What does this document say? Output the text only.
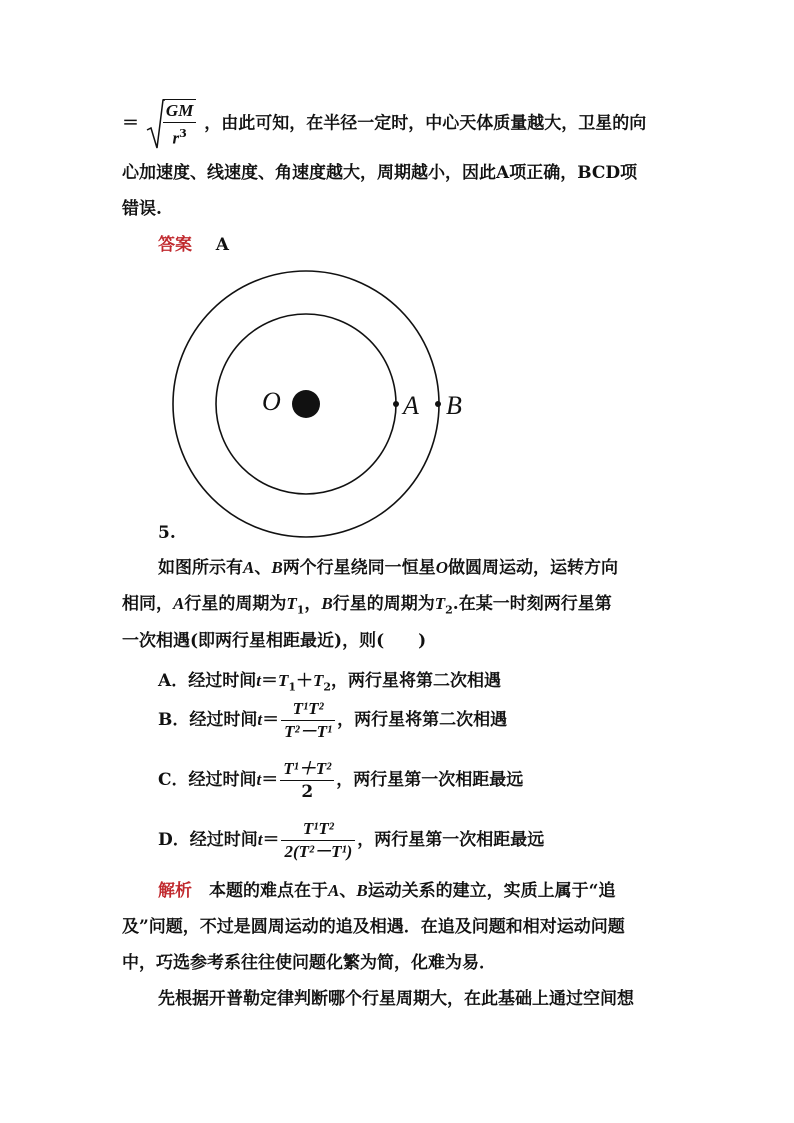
＝ $\frac{GM}{r^3}$ ，由此可知，在半径一定时，中心天体质量越大，卫星的向
心加速度、线速度、角速度越大，周期越小，因此A项正确，BCD项
错误.
答案 A
O	A B
5.
如图所示有A、B两个行星绕同一恒星O做圆周运动，运转方向
相同，A行星的周期为$T_1$，B行星的周期为$T_2$.在某一时刻两行星第
一次相遇(即两行星相距最近)，则(　　)
A．经过时间$t=T_1+T_2$，两行星将第二次相遇
B．经过时间$t= \frac{\text{T¹T²}}{\text{T²－T¹}}$ ，两行星将第二次相遇
C．经过时间$t= \frac{\text{T¹＋T²}}{2}$ ，两行星第一次相距最远
D．经过时间$t= \frac{\text{T¹T²}}{\text{2(T²－T¹)}}$ ，两行星第一次相距最远
解析　本题的难点在于A、B运动关系的建立，实质上属于“追
及”问题，不过是圆周运动的追及相遇．在追及问题和相对运动问题
中，巧选参考系往往使问题化繁为简，化难为易．
先根据开普勒定律判断哪个行星周期大，在此基础上通过空间想
